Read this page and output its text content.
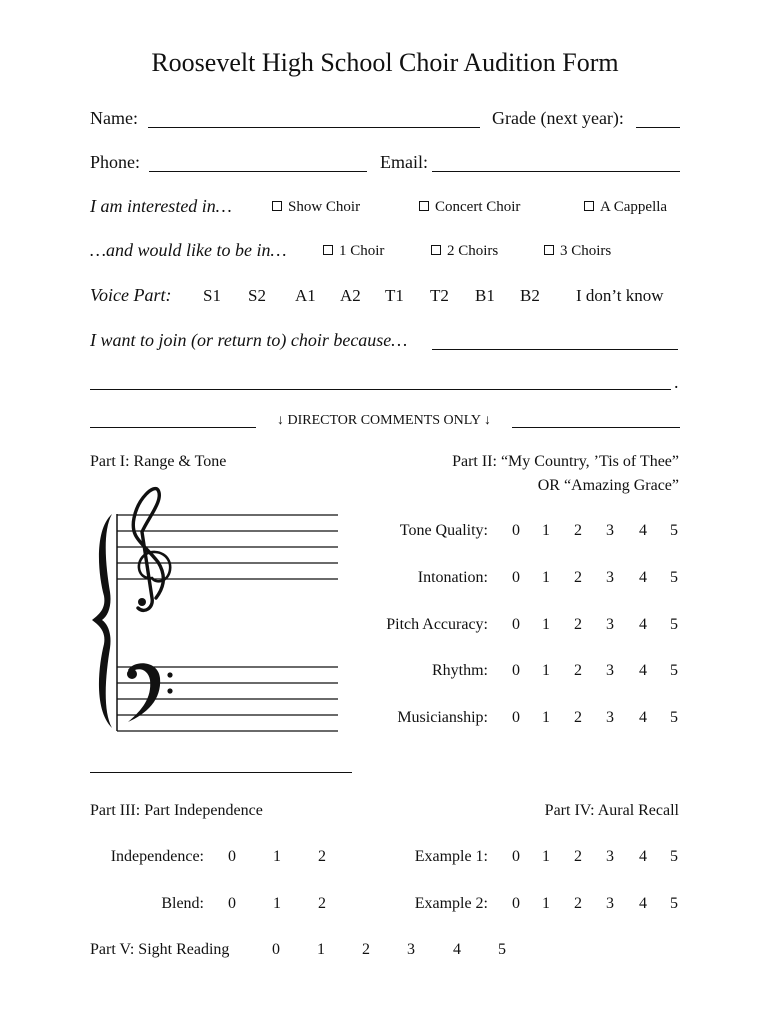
Roosevelt High School Choir Audition Form
Name:	Grade (next year):
Phone:	Email:
I am interested in…	Show Choir	Concert Choir	A Cappella
…and would like to be in…	1 Choir	2 Choirs	3 Choirs
Voice Part: S1 S2 A1 A2 T1 T2 B1 B2 I don’t know
I want to join (or return to) choir because…
.
↓ DIRECTOR COMMENTS ONLY ↓
Part I: Range & Tone	Part II: “My Country, ’Tis of Thee”
OR “Amazing Grace”
Tone Quality:	0	1	2	3	4	5
Intonation:	0	1	2	3	4	5
Pitch Accuracy:	0	1	2	3	4	5
Rhythm:	0	1	2	3	4	5
Musicianship:	0	1	2	3	4	5
Part III: Part Independence	Part IV: Aural Recall
Independence:	0	1	2
Blend:	0	1	2
Example 1:	0	1	2	3	4	5
Example 2:	0	1	2	3	4	5
Part V: Sight Reading	0	1	2	3	4	5
